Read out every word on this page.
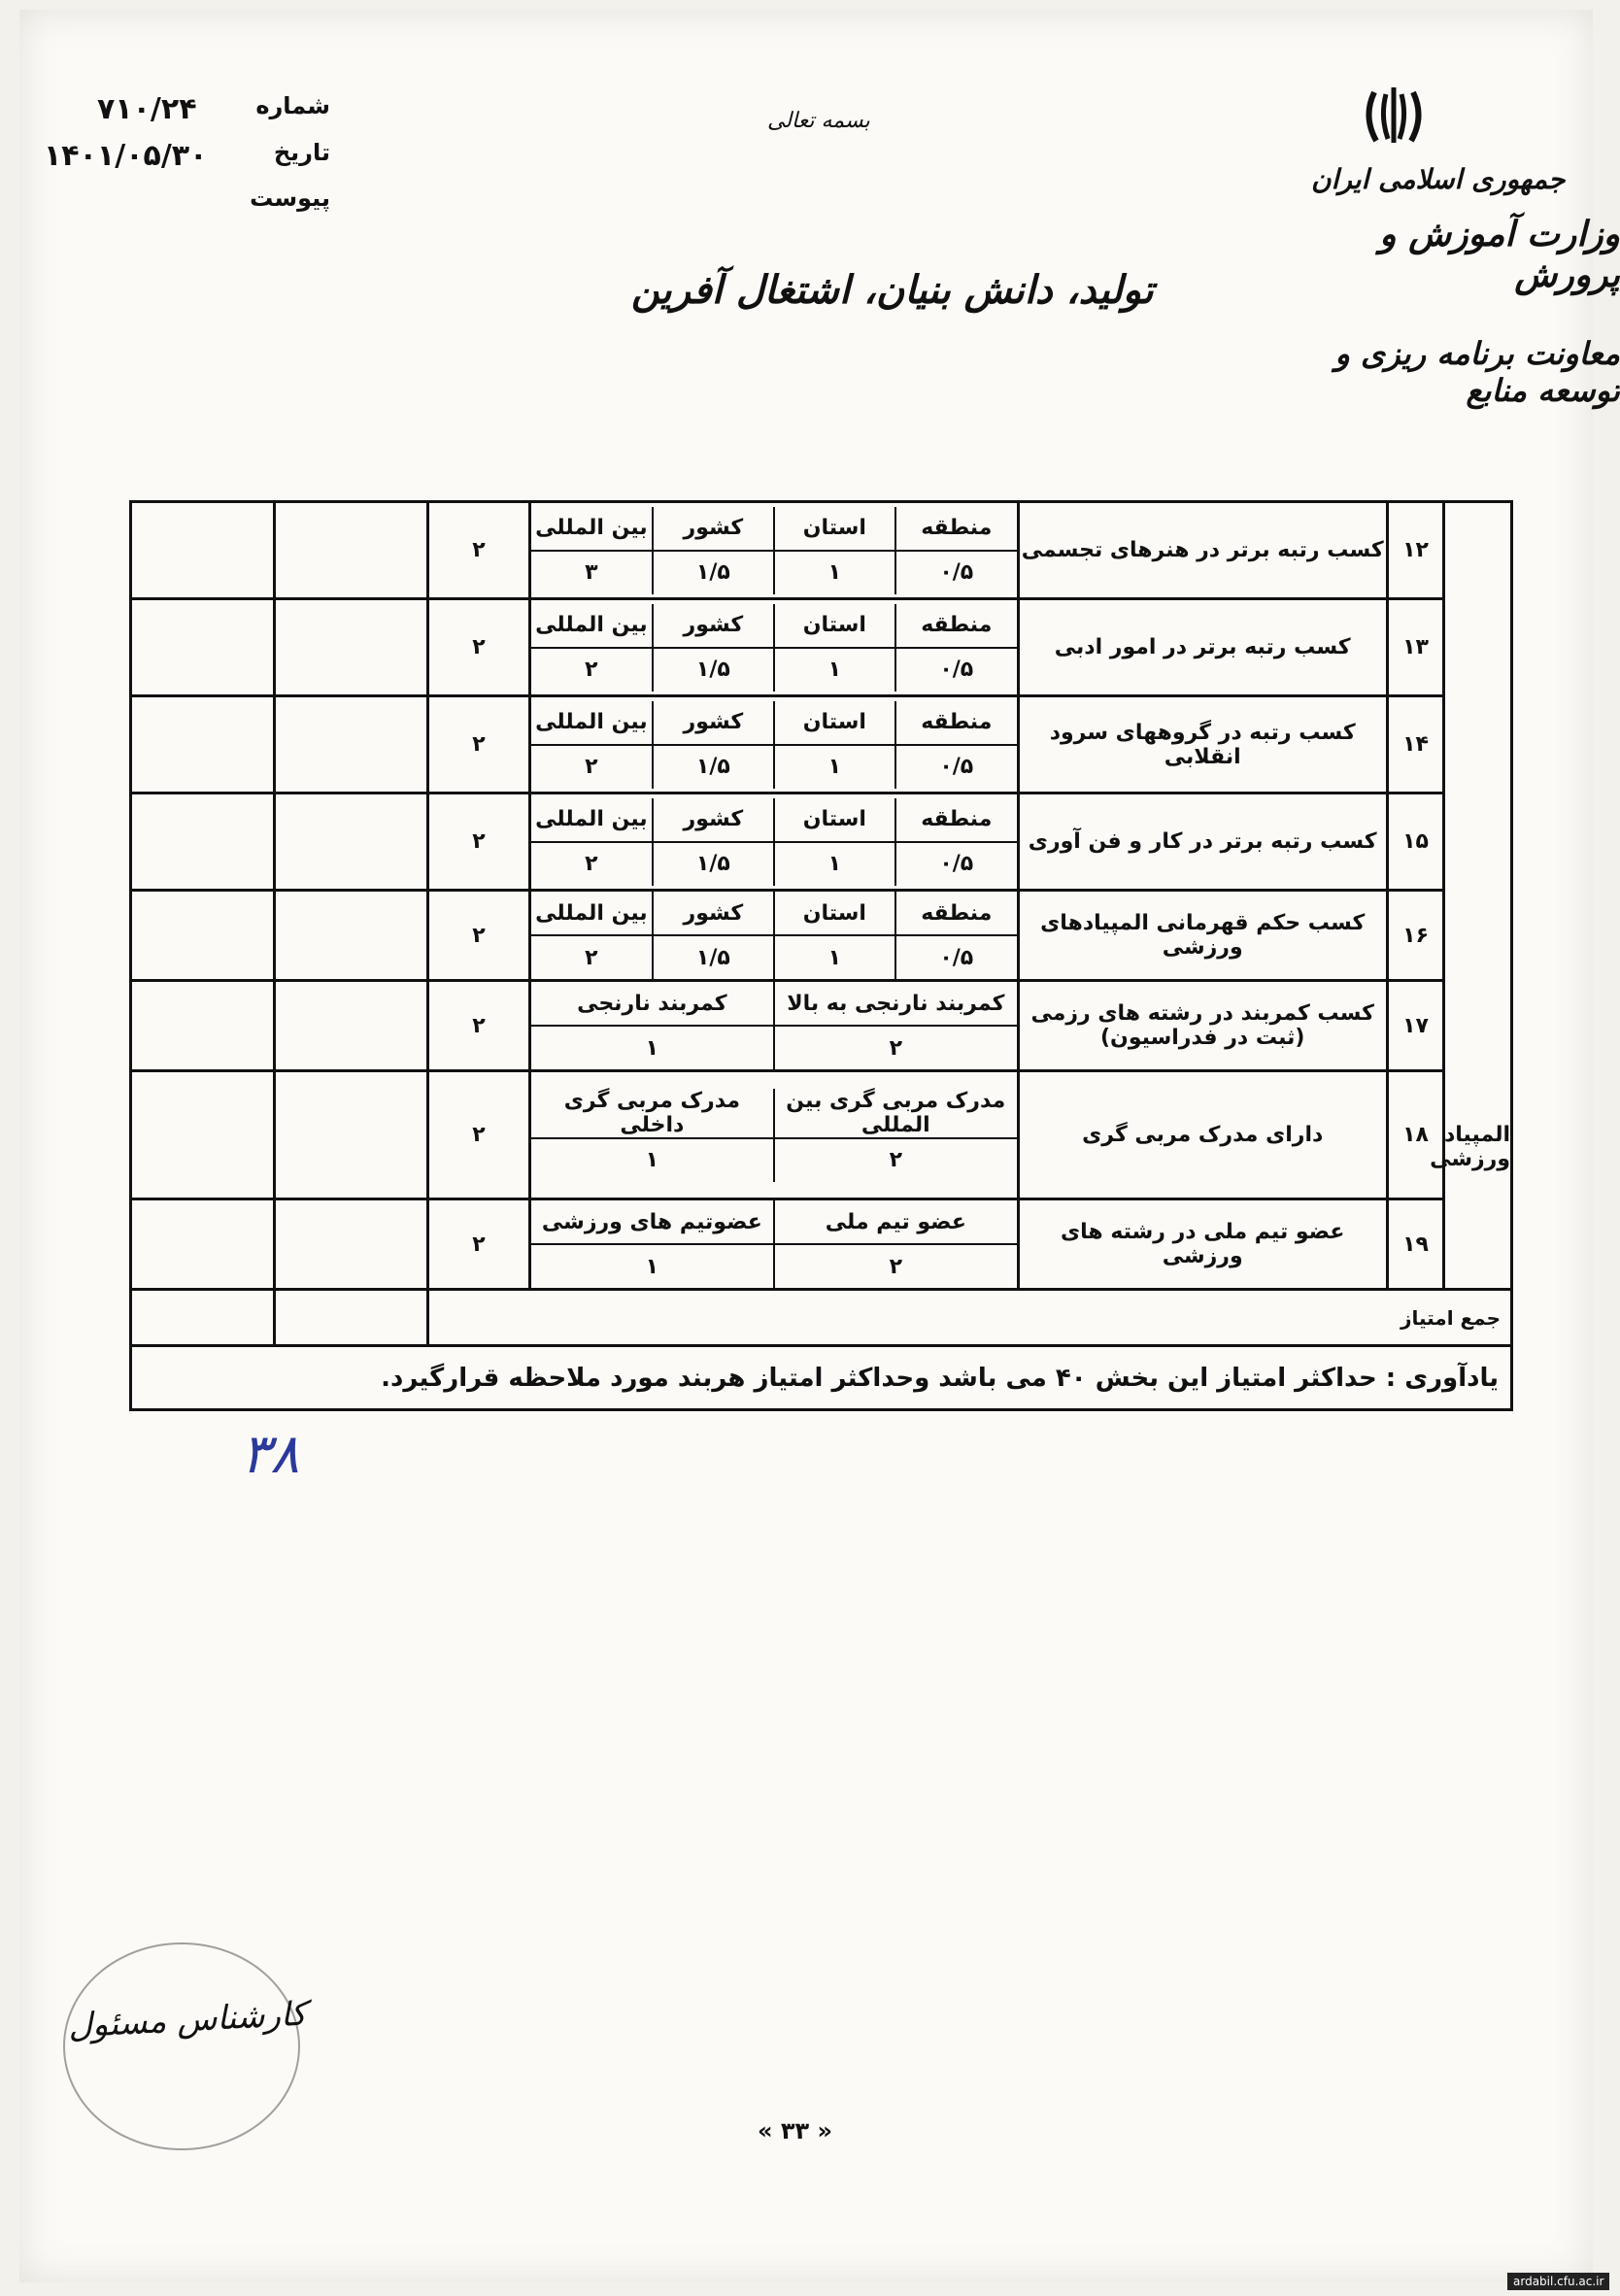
شماره
۷۱۰/۲۴
تاریخ
۱۴۰۱/۰۵/۳۰
پیوست
بسمه تعالی
جمهوری اسلامی ایران
وزارت آموزش و پرورش
تولید، دانش بنیان، اشتغال آفرین
معاونت برنامه ریزی و توسعه منابع
المپیاد ورزشی	۱۲	کسب رتبه برتر در هنرهای تجسمی	
منطقه	استان	کشور	بین المللی
۰/۵	۱	۱/۵	۳
	۲		
۱۳	کسب رتبه برتر در امور ادبی	
منطقه	استان	کشور	بین المللی
۰/۵	۱	۱/۵	۲
	۲		
۱۴	کسب رتبه در گروههای سرود انقلابی	
منطقه	استان	کشور	بین المللی
۰/۵	۱	۱/۵	۲
	۲		
۱۵	کسب رتبه برتر در کار و فن آوری	
منطقه	استان	کشور	بین المللی
۰/۵	۱	۱/۵	۲
	۲		
۱۶	کسب حکم قهرمانی المپیادهای ورزشی	
منطقه	استان	کشور	بین المللی
۰/۵	۱	۱/۵	۲
	۲		
۱۷	کسب کمربند در رشته های رزمی (ثبت در فدراسیون)	
کمربند نارنجی به بالا	کمربند نارنجی
۲	۱
	۲		
۱۸	دارای مدرک مربی گری	
مدرک مربی گری بین المللی	مدرک مربی گری داخلی
۲	۱
	۲		
۱۹	عضو تیم ملی در رشته های ورزشی	
عضو تیم ملی	عضوتیم های ورزشی
۲	۱
	۲		
جمع امتیاز		
یادآوری : حداکثر امتیاز این بخش ۴۰ می باشد وحداکثر امتیاز هربند مورد ملاحظه قرارگیرد.
۳۸
کارشناس مسئول
« ۳۳ »
ardabil.cfu.ac.ir
